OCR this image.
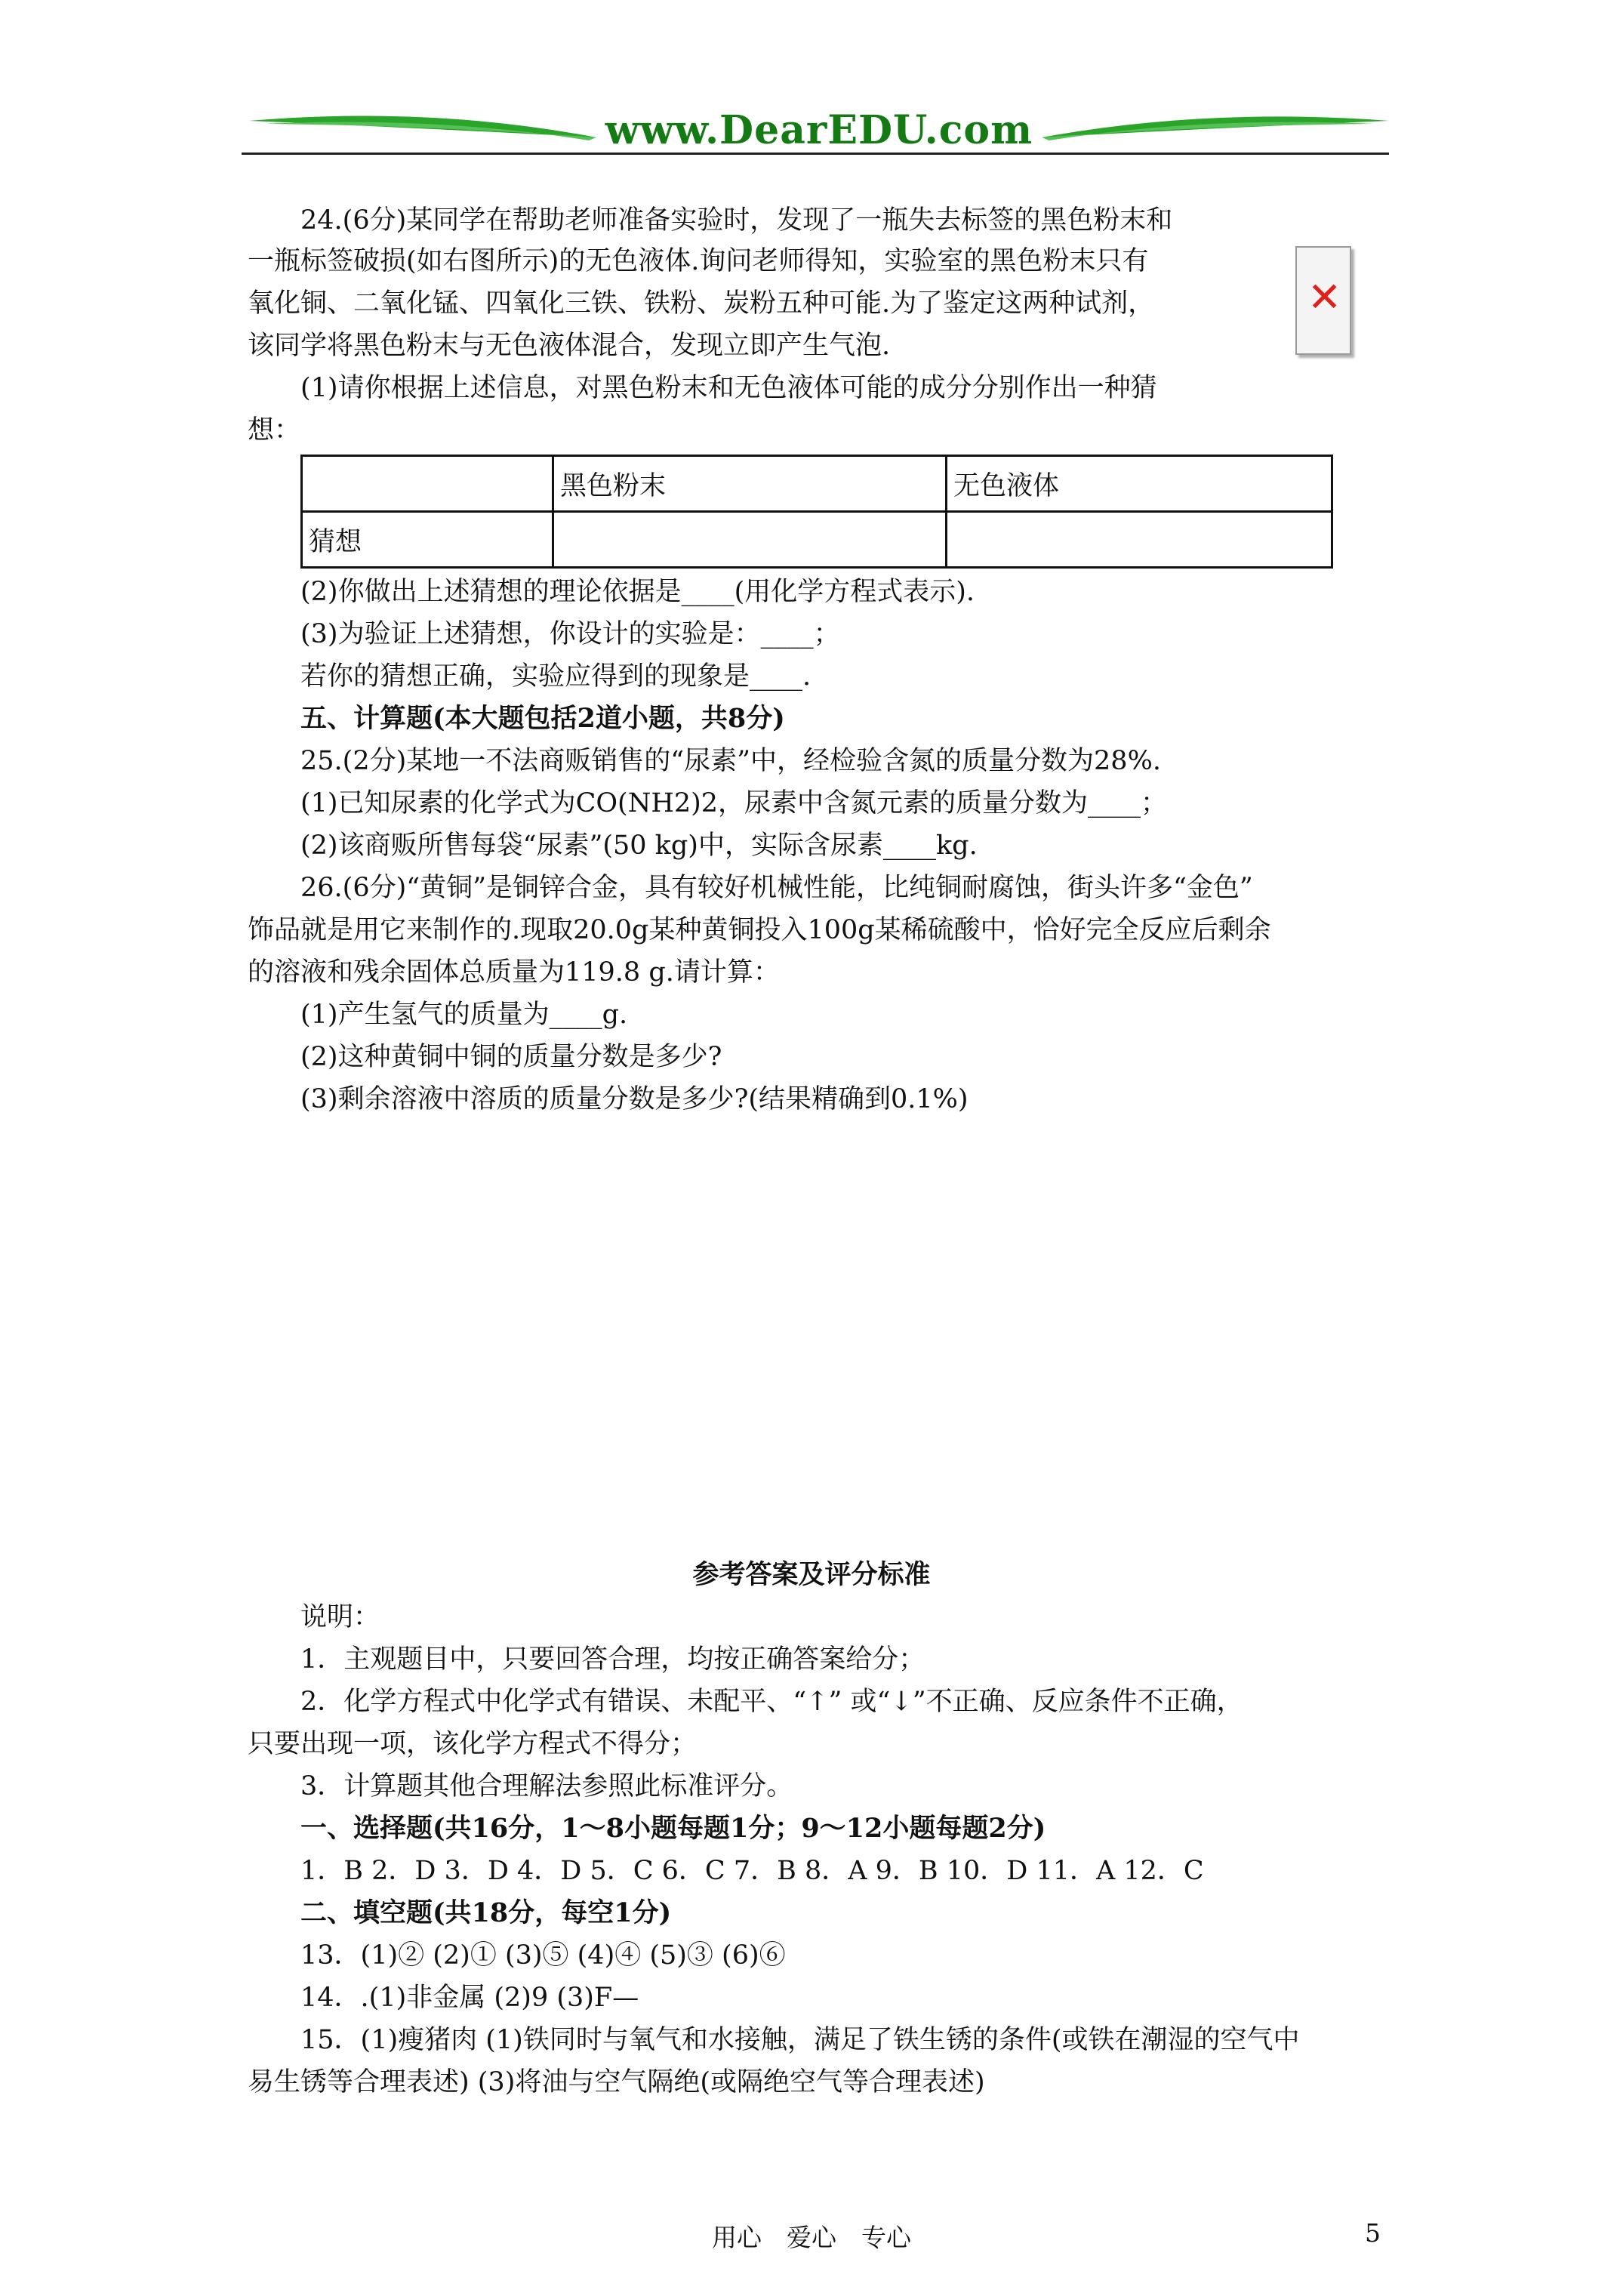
www.DearEDU.com
24.(6分)某同学在帮助老师准备实验时，发现了一瓶失去标签的黑色粉末和
一瓶标签破损(如右图所示)的无色液体.询问老师得知，实验室的黑色粉末只有
氧化铜、二氧化锰、四氧化三铁、铁粉、炭粉五种可能.为了鉴定这两种试剂，
该同学将黑色粉末与无色液体混合，发现立即产生气泡.
(1)请你根据上述信息，对黑色粉末和无色液体可能的成分分别作出一种猜
想：
✕
	黑色粉末	无色液体
猜想		
(2)你做出上述猜想的理论依据是____(用化学方程式表示).
(3)为验证上述猜想，你设计的实验是：____；
若你的猜想正确，实验应得到的现象是____.
五、计算题(本大题包括2道小题，共8分)
25.(2分)某地一不法商贩销售的“尿素”中，经检验含氮的质量分数为28%.
(1)已知尿素的化学式为CO(NH2)2，尿素中含氮元素的质量分数为____；
(2)该商贩所售每袋“尿素”(50 kg)中，实际含尿素____kg.
26.(6分)“黄铜”是铜锌合金，具有较好机械性能，比纯铜耐腐蚀，街头许多“金色”
饰品就是用它来制作的.现取20.0g某种黄铜投入100g某稀硫酸中，恰好完全反应后剩余
的溶液和残余固体总质量为119.8 g.请计算：
(1)产生氢气的质量为____g.
(2)这种黄铜中铜的质量分数是多少?
(3)剩余溶液中溶质的质量分数是多少?(结果精确到0.1%)
参考答案及评分标准
说明：
1．主观题目中，只要回答合理，均按正确答案给分；
2．化学方程式中化学式有错误、未配平、“↑” 或“↓”不正确、反应条件不正确，
只要出现一项，该化学方程式不得分；
3．计算题其他合理解法参照此标准评分。
一、选择题(共16分，1～8小题每题1分；9～12小题每题2分)
1．B 2．D 3．D 4．D 5．C 6．C 7．B 8．A 9．B 10．D 11．A 12．C
二、填空题(共18分，每空1分)
13．(1)② (2)① (3)⑤ (4)④ (5)③ (6)⑥
14．.(1)非金属 (2)9 (3)F—
15．(1)瘦猪肉 (1)铁同时与氧气和水接触，满足了铁生锈的条件(或铁在潮湿的空气中
易生锈等合理表述) (3)将油与空气隔绝(或隔绝空气等合理表述)
用心　爱心　专心	5
